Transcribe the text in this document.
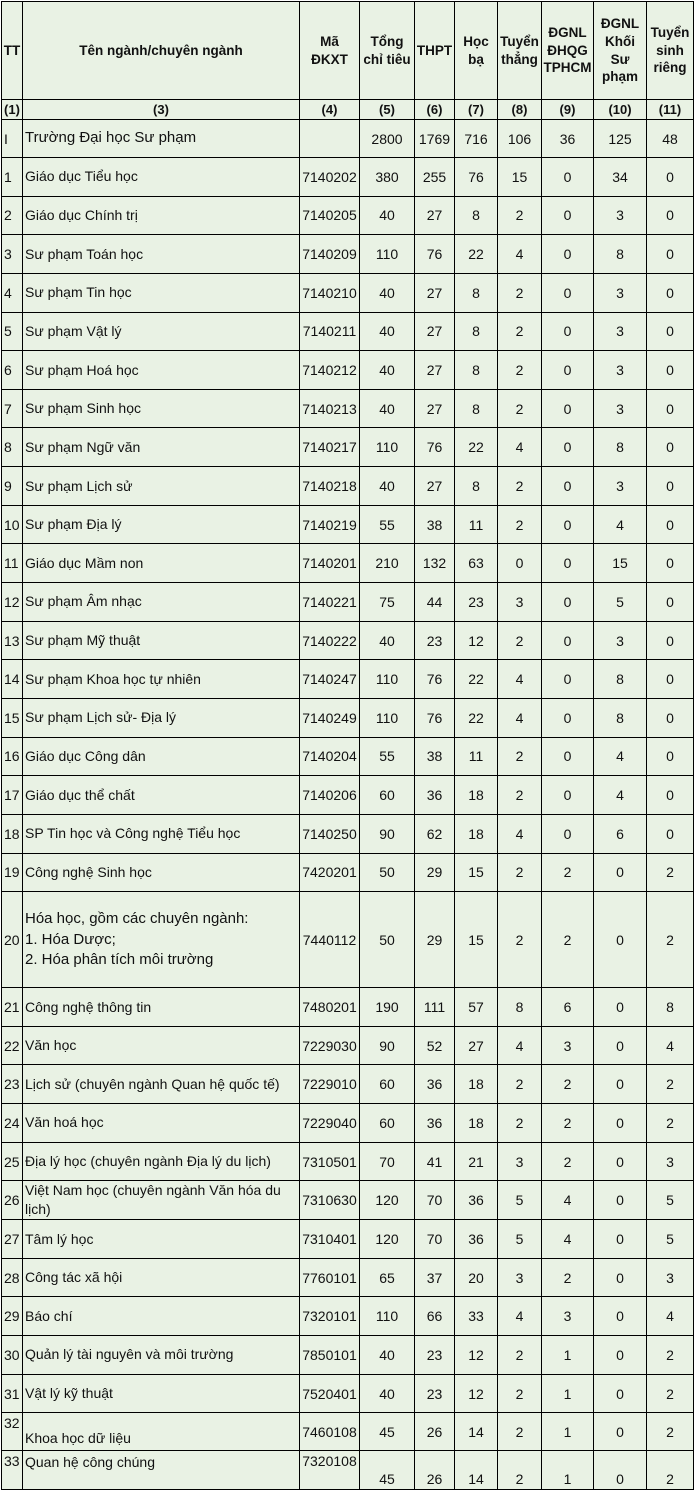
TT	Tên ngành/chuyên ngành	Mã ĐKXT	Tổng chỉ tiêu	THPT	Học bạ	Tuyển thẳng	ĐGNL ĐHQG TPHCM	ĐGNL Khối Sư phạm	Tuyển sinh riêng
(1)	(3)	(4)	(5)	(6)	(7)	(8)	(9)	(10)	(11)
I	Trường Đại học Sư phạm		2800	1769	716	106	36	125	48
1	Giáo dục Tiểu học	7140202	380	255	76	15	0	34	0
2	Giáo dục Chính trị	7140205	40	27	8	2	0	3	0
3	Sư phạm Toán học	7140209	110	76	22	4	0	8	0
4	Sư phạm Tin học	7140210	40	27	8	2	0	3	0
5	Sư phạm Vật lý	7140211	40	27	8	2	0	3	0
6	Sư phạm Hoá học	7140212	40	27	8	2	0	3	0
7	Sư phạm Sinh học	7140213	40	27	8	2	0	3	0
8	Sư phạm Ngữ văn	7140217	110	76	22	4	0	8	0
9	Sư phạm Lịch sử	7140218	40	27	8	2	0	3	0
10	Sư phạm Địa lý	7140219	55	38	11	2	0	4	0
11	Giáo dục Mầm non	7140201	210	132	63	0	0	15	0
12	Sư phạm Âm nhạc	7140221	75	44	23	3	0	5	0
13	Sư phạm Mỹ thuật	7140222	40	23	12	2	0	3	0
14	Sư phạm Khoa học tự nhiên	7140247	110	76	22	4	0	8	0
15	Sư phạm Lịch sử- Địa lý	7140249	110	76	22	4	0	8	0
16	Giáo dục Công dân	7140204	55	38	11	2	0	4	0
17	Giáo dục thể chất	7140206	60	36	18	2	0	4	0
18	SP Tin học và Công nghệ Tiểu học	7140250	90	62	18	4	0	6	0
19	Công nghệ Sinh học	7420201	50	29	15	2	2	0	2
20	Hóa học, gồm các chuyên ngành:
1. Hóa Dược;
2. Hóa phân tích môi trường	7440112	50	29	15	2	2	0	2
21	Công nghệ thông tin	7480201	190	111	57	8	6	0	8
22	Văn học	7229030	90	52	27	4	3	0	4
23	Lịch sử (chuyên ngành Quan hệ quốc tế)	7229010	60	36	18	2	2	0	2
24	Văn hoá học	7229040	60	36	18	2	2	0	2
25	Địa lý học (chuyên ngành Địa lý du lịch)	7310501	70	41	21	3	2	0	3
26	Việt Nam học (chuyên ngành Văn hóa du lịch)	7310630	120	70	36	5	4	0	5
27	Tâm lý học	7310401	120	70	36	5	4	0	5
28	Công tác xã hội	7760101	65	37	20	3	2	0	3
29	Báo chí	7320101	110	66	33	4	3	0	4
30	Quản lý tài nguyên và môi trường	7850101	40	23	12	2	1	0	2
31	Vật lý kỹ thuật	7520401	40	23	12	2	1	0	2
32	Khoa học dữ liệu	7460108	45	26	14	2	1	0	2
33	Quan hệ công chúng	7320108	45	26	14	2	1	0	2
